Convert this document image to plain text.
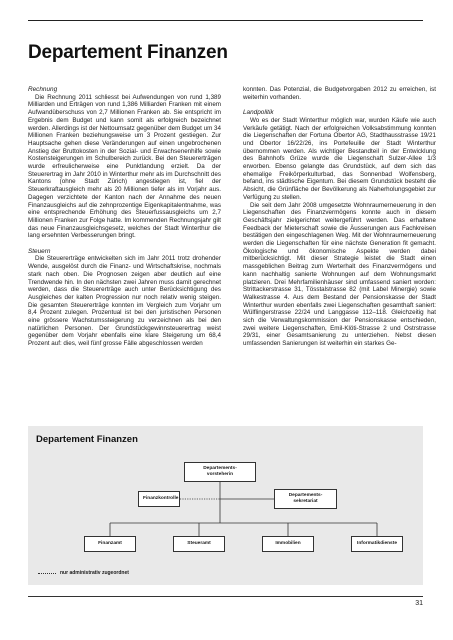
Departement Finanzen
Rechnung

Die Rechnung 2011 schliesst bei Aufwendungen von rund 1,389 Milliarden und Erträgen von rund 1,386 Milliarden Franken mit einem Aufwandüberschuss von 2,7 Millionen Franken ab. Sie entspricht im Ergebnis dem Budget und kann somit als erfolgreich bezeichnet werden. Allerdings ist der Nettoumsatz gegenüber dem Budget um 34 Millionen Franken beziehungsweise um 3 Prozent gestiegen. Zur Hauptsache gehen diese Veränderungen auf einen ungebrochenen Anstieg der Bruttokosten in der Sozial- und Erwachsenenhilfe sowie Kostensteigerungen im Schulbereich zurück. Bei den Steuererträgen wurde erfreulicherweise eine Punktlandung erzielt. Da der Steuerertrag im Jahr 2010 in Winterthur mehr als im Durchschnitt des Kantons (ohne Stadt Zürich) angestiegen ist, fiel der Steuerkraftausgleich mehr als 20 Millionen tiefer als im Vorjahr aus. Dagegen verzichtete der Kanton nach der Annahme des neuen Finanzausgleichs auf die zehnprozentige Eigenkapitalentnahme, was eine entsprechende Erhöhung des Steuerfussausgleichs um 2,7 Millionen Franken zur Folge hatte. Im kommenden Rechnungsjahr gilt das neue Finanzausgleichsgesetz, welches der Stadt Winterthur die lang ersehnten Verbesserungen bringt.

Steuern

Die Steuererträge entwickelten sich im Jahr 2011 trotz drohender Wende, ausgelöst durch die Finanz- und Wirtschaftskrise, nochmals stark nach oben. Die Prognosen zeigen aber deutlich auf eine Trendwende hin. In den nächsten zwei Jahren muss damit gerechnet werden, dass die Steuererträge auch unter Berücksichtigung des Ausgleiches der kalten Progression nur noch relativ wenig steigen. Die gesamten Steuererträge konnten im Vergleich zum Vorjahr um 8,4 Prozent zulegen. Prozentual ist bei den juristischen Personen eine grössere Wachstumssteigerung zu verzeichnen als bei den natürlichen Personen. Der Grundstückgewinnsteuerertrag weist gegenüber dem Vorjahr ebenfalls eine klare Steigerung um 68,4 Prozent auf: dies, weil fünf grosse Fälle abgeschlossen werden

konnten. Das Potenzial, die Budgetvorgaben 2012 zu erreichen, ist weiterhin vorhanden.

Landpolitik

Wo es der Stadt Winterthur möglich war, wurden Käufe wie auch Verkäufe getätigt. Nach der erfolgreichen Volksabstimmung konnten die Liegenschaften der Fortuna Obertor AG, Stadthausstrasse 19/21 und Obertor 16/22/26, ins Portefeuille der Stadt Winterthur übernommen werden. Als wichtiger Bestandteil in der Entwicklung des Bahnhofs Grüze wurde die Liegenschaft Sulzer-Allee 1/3 erworben. Ebenso gelangte das Grundstück, auf dem sich das ehemalige Freikörperkulturbad, das Sonnenbad Wolfensberg, befand, ins städtische Eigentum. Bei diesem Grundstück besteht die Absicht, die Grünfläche der Bevölkerung als Naherholungsgebiet zur Verfügung zu stellen.

Die seit dem Jahr 2008 umgesetzte Wohnraumerneuerung in den Liegenschaften des Finanzvermögens konnte auch in diesem Geschäftsjahr zielgerichtet weitergeführt werden. Das erhaltene Feedback der Mieterschaft sowie die Äusserungen aus Fachkreisen bestätigen den eingeschlagenen Weg. Mit der Wohnraumerneuerung werden die Liegenschaften für eine nächste Generation fit gemacht. Ökologische und ökonomische Aspekte werden dabei mitberücksichtigt. Mit dieser Strategie leistet die Stadt einen massgeblichen Beitrag zum Werterhalt des Finanzvermögens und kann nachhaltig sanierte Wohnungen auf dem Wohnungsmarkt platzieren. Drei Mehrfamilienhäuser sind umfassend saniert worden: Strittackerstrasse 31, Tösstalstrasse 82 (mit Label Minergie) sowie Walkestrasse 4. Aus dem Bestand der Pensionskasse der Stadt Winterthur wurden ebenfalls zwei Liegenschaften gesamthaft saniert: Wülflingerstrasse 22/24 und Langgasse 112–118. Gleichzeitig hat sich die Verwaltungskommission der Pensionskasse entschieden, zwei weitere Liegenschaften, Emil-Klöti-Strasse 2 und Ostrstrasse 29/31, einer Gesamtsanierung zu unterziehen. Nebst diesen umfassenden Sanierungen ist weiterhin ein starkes Ge-

Departement Finanzen
Departements-
vorsteherin
Finanzkontrolle
Departements-
sekretariat
Finanzamt	Steueramt	Immobilien	Informatikdienste
nur administrativ zugeordnet
31
